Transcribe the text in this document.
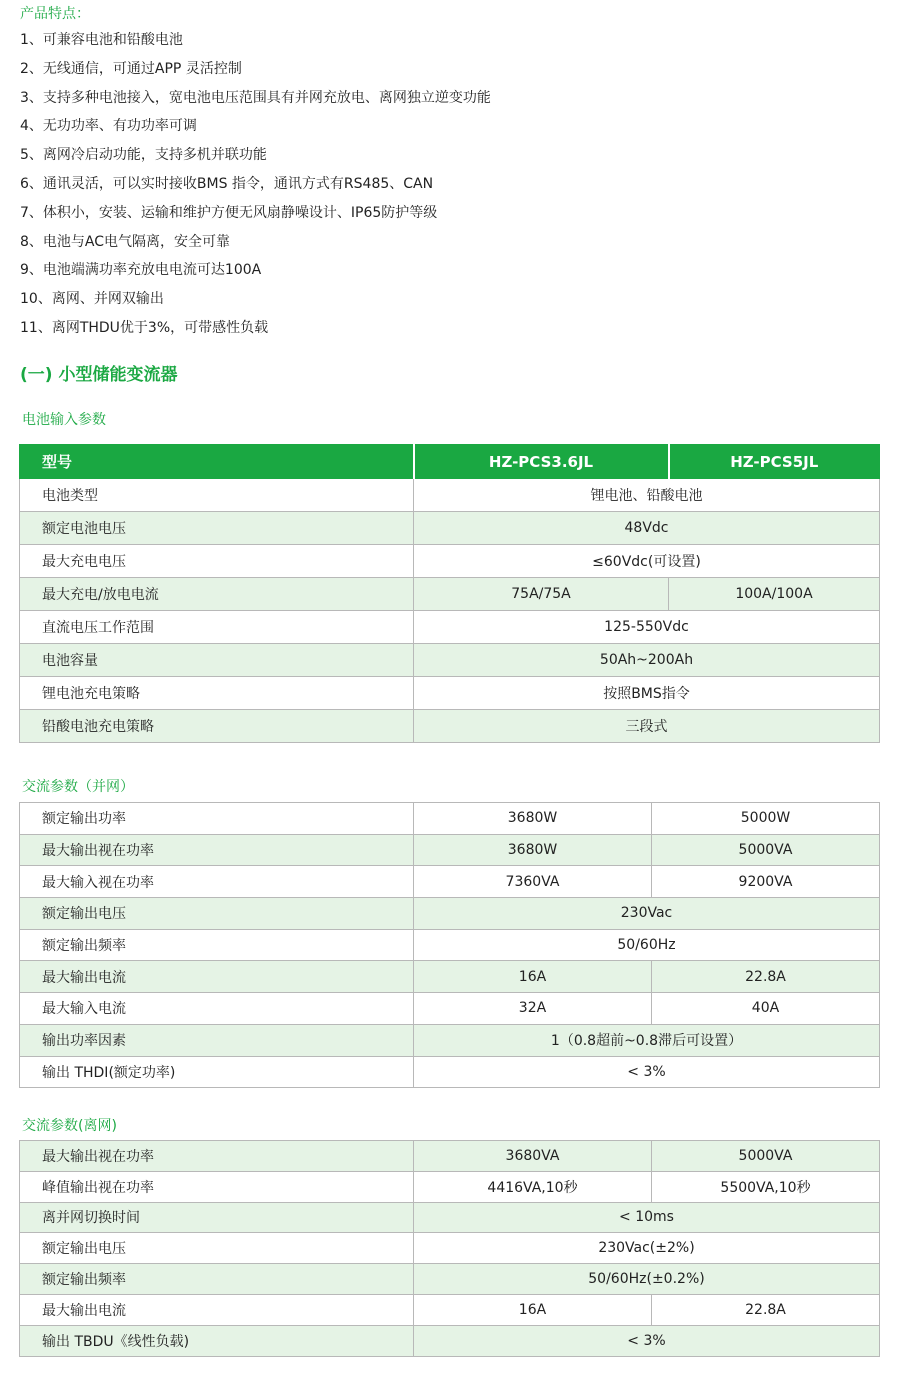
产品特点：
1、可兼容电池和铅酸电池
2、无线通信，可通过APP 灵活控制
3、支持多种电池接入，宽电池电压范围具有并网充放电、离网独立逆变功能
4、无功功率、有功功率可调
5、离网冷启动功能，支持多机并联功能
6、通讯灵活，可以实时接收BMS 指令，通讯方式有RS485、CAN
7、体积小，安装、运输和维护方便无风扇静噪设计、IP65防护等级
8、电池与AC电气隔离，安全可靠
9、电池端满功率充放电电流可达100A
10、离网、并网双输出
11、离网THDU优于3%，可带感性负载
(一) 小型储能变流器
电池输入参数
型号	HZ-PCS3.6JL	HZ-PCS5JL
电池类型	锂电池、铅酸电池	
额定电池电压	48Vdc	
最大充电电压	≤60Vdc(可设置)	
最大充电/放电电流	75A/75A	100A/100A
直流电压工作范围	125-550Vdc	
电池容量	50Ah~200Ah	
锂电池充电策略	按照BMS指令	
铅酸电池充电策略	三段式	
交流参数（并网）
额定输出功率	3680W	5000W
最大输出视在功率	3680W	5000VA
最大输入视在功率	7360VA	9200VA
额定输出电压	230Vac	
额定输出频率	50/60Hz	
最大输出电流	16A	22.8A
最大输入电流	32A	40A
输出功率因素	1（0.8超前~0.8滞后可设置）	
输出 THDI(额定功率)	< 3%	
交流参数(离网)
最大输出视在功率	3680VA	5000VA
峰值输出视在功率	4416VA,10秒	5500VA,10秒
离并网切换时间	< 10ms	
额定输出电压	230Vac(±2%)	
额定输出频率	50/60Hz(±0.2%)	
最大输出电流	16A	22.8A
输出 TBDU《线性负载)	< 3%	
